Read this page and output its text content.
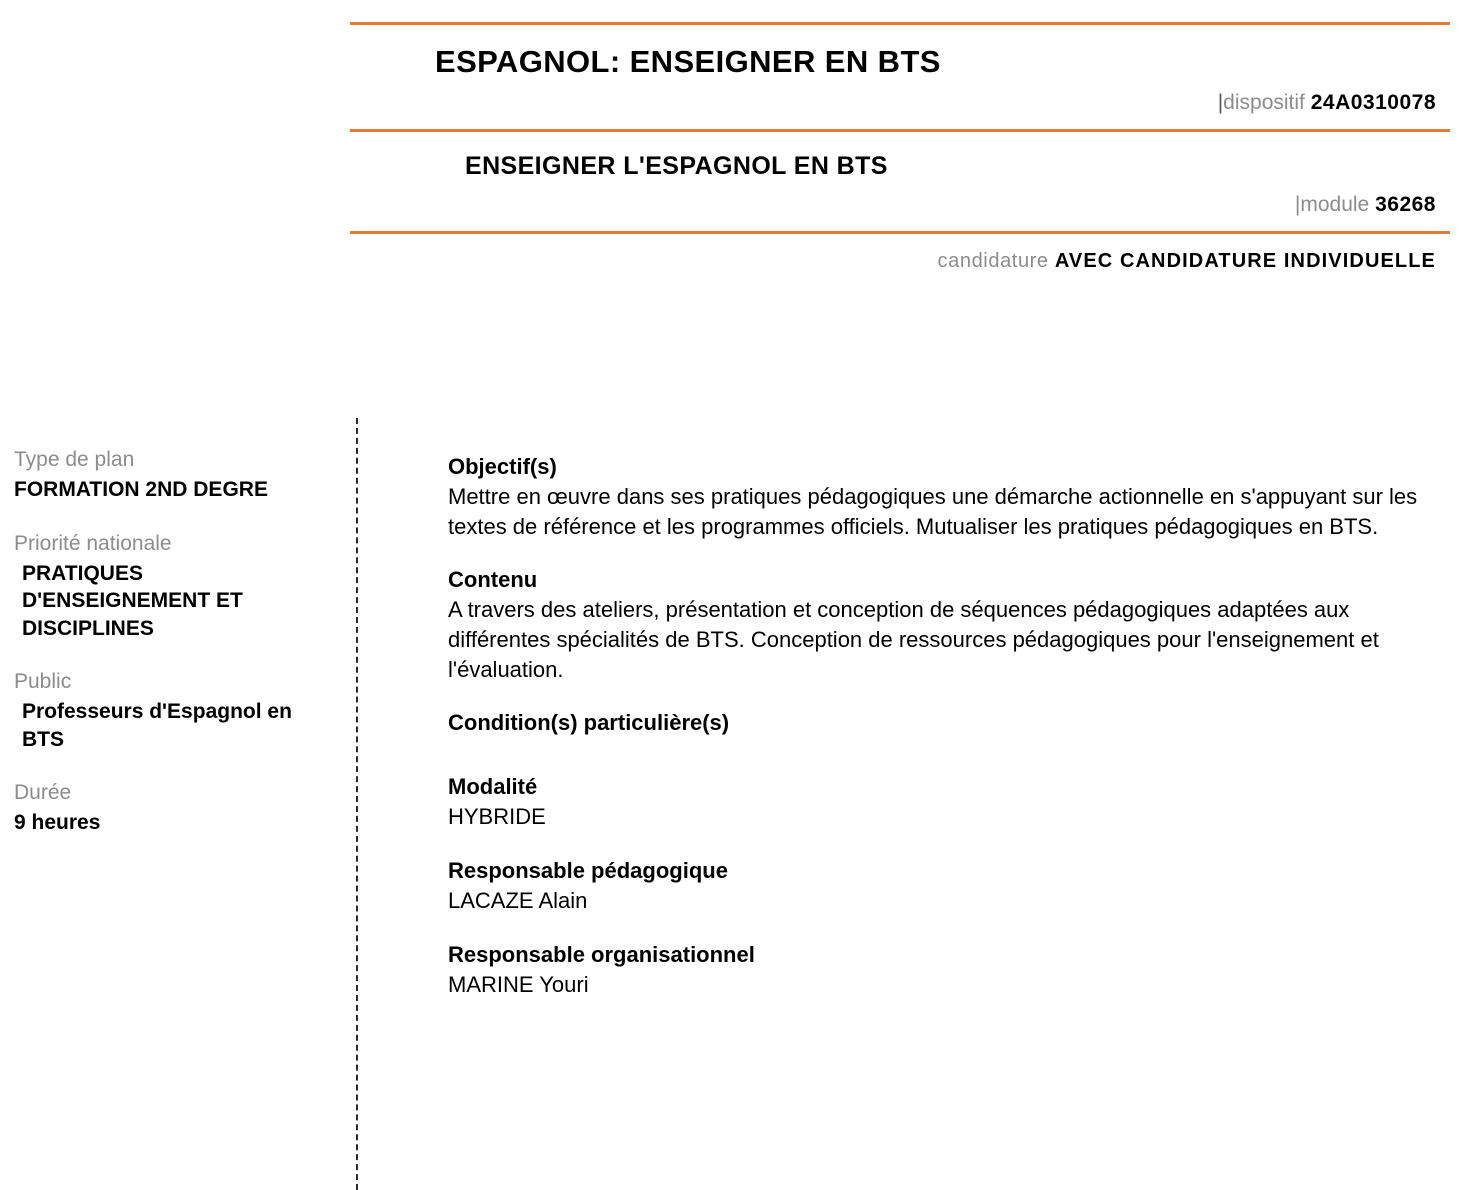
ESPAGNOL: ENSEIGNER EN BTS
|dispositif 24A0310078
ENSEIGNER L'ESPAGNOL EN BTS
|module 36268
candidature AVEC CANDIDATURE INDIVIDUELLE
Type de plan
FORMATION 2ND DEGRE
Priorité nationale
PRATIQUES D'ENSEIGNEMENT ET DISCIPLINES
Public
Professeurs d'Espagnol en BTS
Durée
9 heures
Objectif(s)
Mettre en œuvre dans ses pratiques pédagogiques une démarche actionnelle en s'appuyant sur les textes de référence et les programmes officiels. Mutualiser les pratiques pédagogiques en BTS.
Contenu
A travers des ateliers, présentation et conception de séquences pédagogiques adaptées aux différentes spécialités de BTS. Conception de ressources pédagogiques pour l'enseignement et l'évaluation.
Condition(s) particulière(s)
Modalité
HYBRIDE
Responsable pédagogique
LACAZE Alain
Responsable organisationnel
MARINE Youri
